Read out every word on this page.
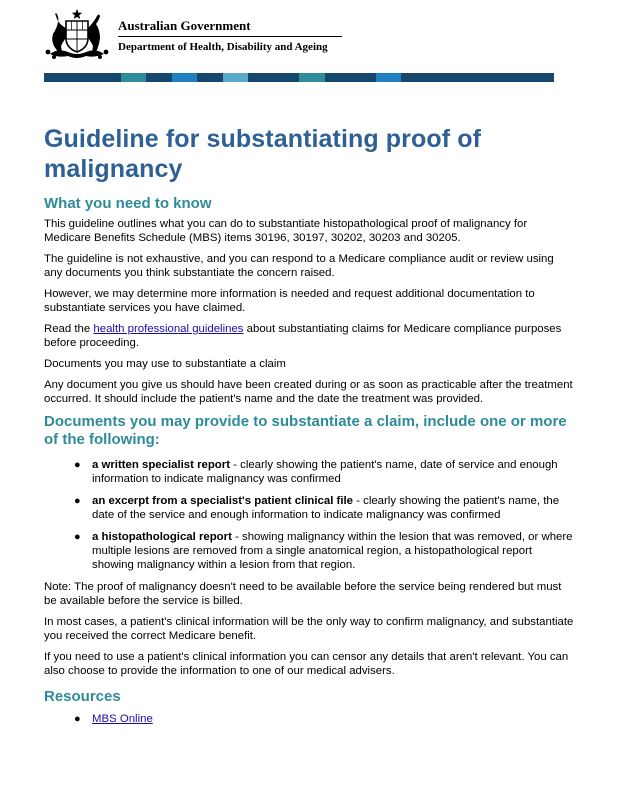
Australian Government
Department of Health, Disability and Ageing
Guideline for substantiating proof of malignancy
What you need to know

This guideline outlines what you can do to substantiate histopathological proof of malignancy for Medicare Benefits Schedule (MBS) items 30196, 30197, 30202, 30203 and 30205.

The guideline is not exhaustive, and you can respond to a Medicare compliance audit or review using any documents you think substantiate the concern raised.

However, we may determine more information is needed and request additional documentation to substantiate services you have claimed.

Read the health professional guidelines about substantiating claims for Medicare compliance purposes before proceeding.

Documents you may use to substantiate a claim

Any document you give us should have been created during or as soon as practicable after the treatment occurred. It should include the patient's name and the date the treatment was provided.

Documents you may provide to substantiate a claim, include one or more of the following:
● a written specialist report - clearly showing the patient's name, date of service and enough information to indicate malignancy was confirmed
● an excerpt from a specialist's patient clinical file - clearly showing the patient's name, the date of the service and enough information to indicate malignancy was confirmed
● a histopathological report - showing malignancy within the lesion that was removed, or where multiple lesions are removed from a single anatomical region, a histopathological report showing malignancy within a lesion from that region.

Note: The proof of malignancy doesn't need to be available before the service being rendered but must be available before the service is billed.

In most cases, a patient's clinical information will be the only way to confirm malignancy, and substantiate you received the correct Medicare benefit.

If you need to use a patient's clinical information you can censor any details that aren't relevant. You can also choose to provide the information to one of our medical advisers.

Resources
● MBS Online
